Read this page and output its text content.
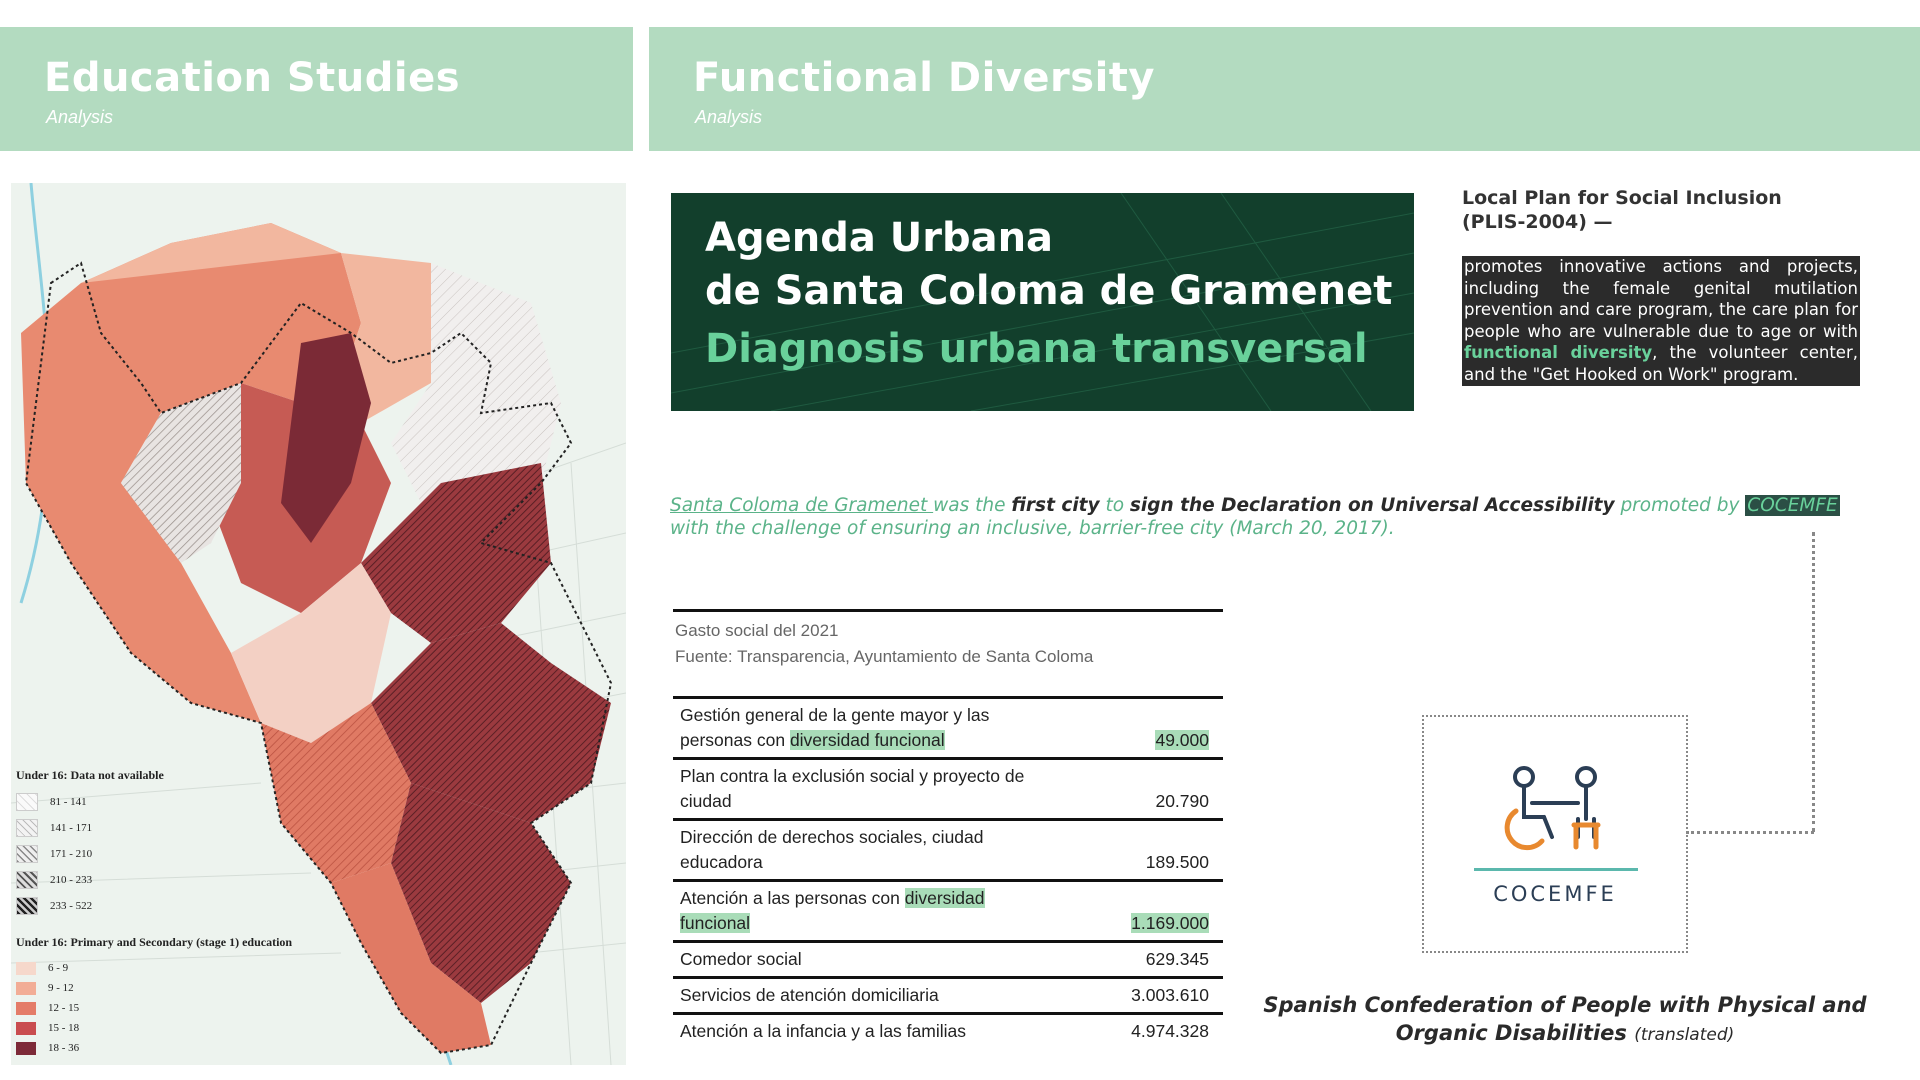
Education Studies
Analysis
Functional Diversity
Analysis
Under 16: Data not available
81 - 141
141 - 171
171 - 210
210 - 233
233 - 522
Under 16: Primary and Secondary (stage 1) education
6 - 9
9 - 12
12 - 15
15 - 18
18 - 36
Agenda Urbana
de Santa Coloma de Gramenet
Diagnosis urbana transversal
Local Plan for Social Inclusion (PLIS-2004) —
promotes innovative actions and projects, including the female genital mutilation prevention and care program, the care plan for people who are vulnerable due to age or with functional diversity, the volunteer center, and the "Get Hooked on Work" program.
Santa Coloma de Gramenet was the first city to sign the Declaration on Universal Accessibility promoted by COCEMFE
with the challenge of ensuring an inclusive, barrier-free city (March 20, 2017).
Gasto social del 2021
Fuente: Transparencia, Ayuntamiento de Santa Coloma
Gestión general de la gente mayor y las personas con diversidad funcional	49.000
Plan contra la exclusión social y proyecto de ciudad	20.790
Dirección de derechos sociales, ciudad educadora	189.500
Atención a las personas con diversidad
funcional	1.169.000
Comedor social	629.345
Servicios de atención domiciliaria	3.003.610
Atención a la infancia y a las familias	4.974.328
COCEMFE
Spanish Confederation of People with Physical and Organic Disabilities (translated)
